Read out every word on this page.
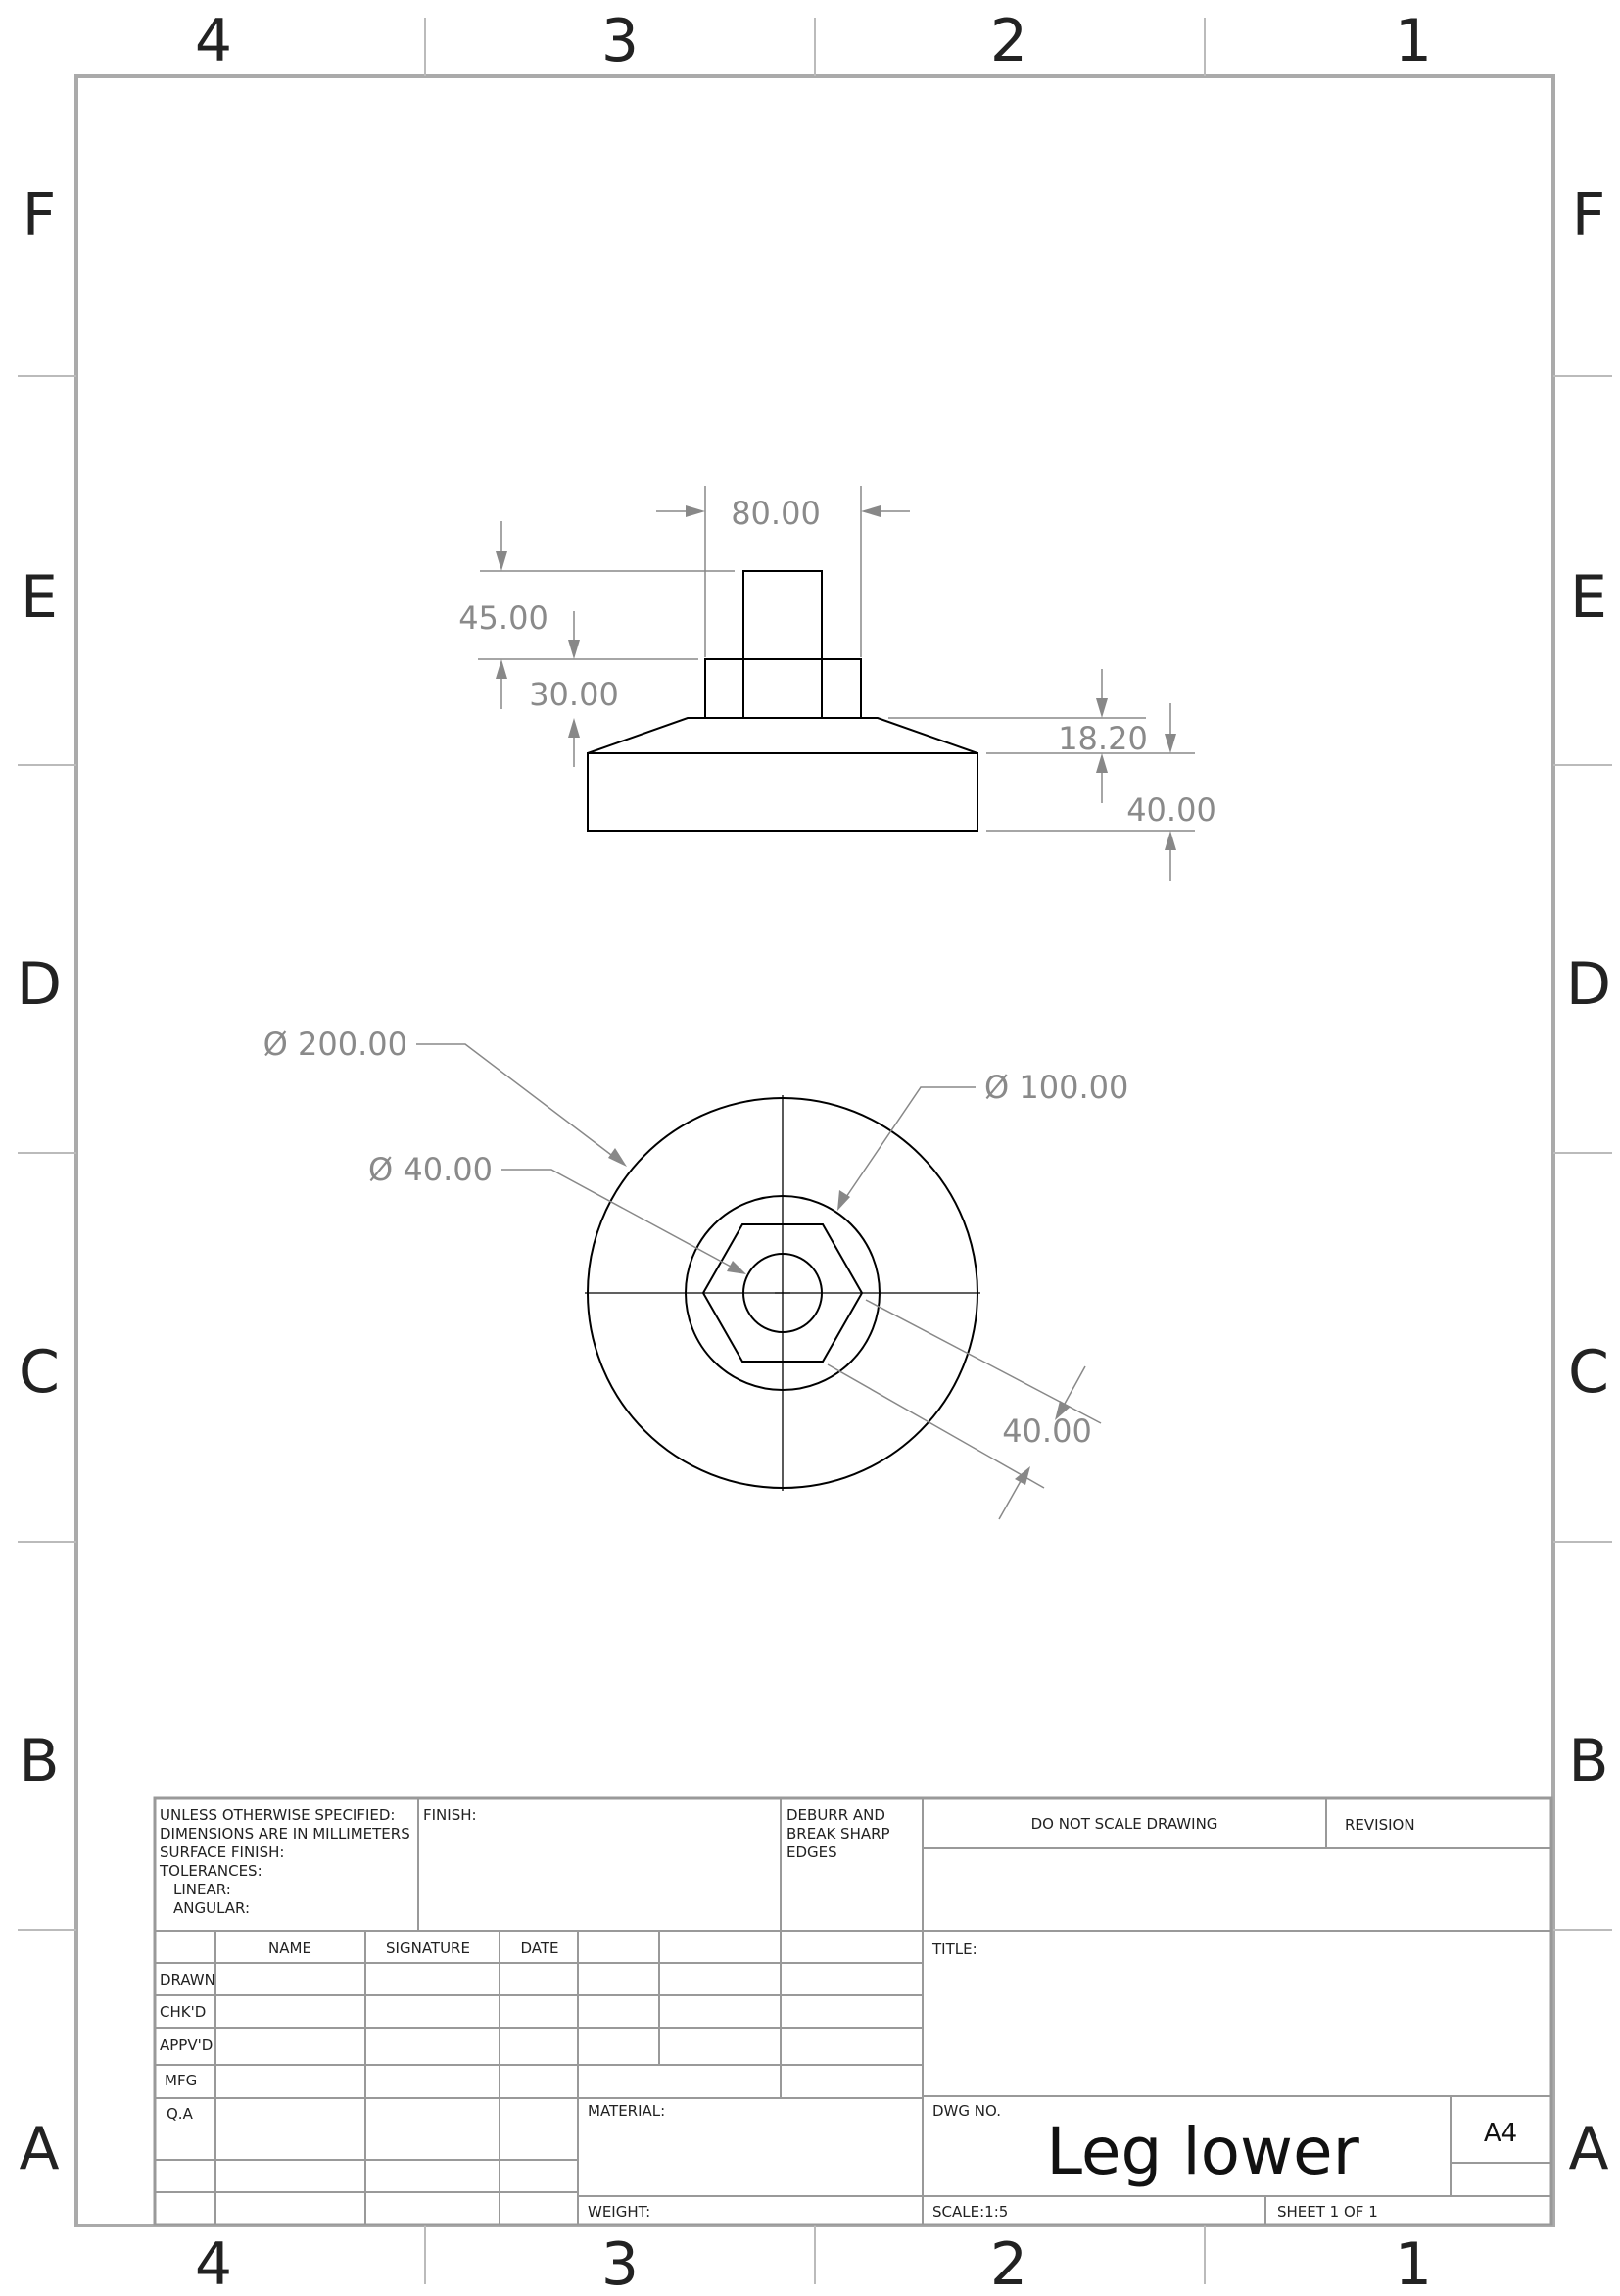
4	3	2	1
4	3	2	1
F
E
D
C
B
A
F
E
D
C
B
A
80.00
45.00
30.00
18.20
40.00
Ø 200.00
Ø 100.00
Ø 40.00
40.00
UNLESS OTHERWISE SPECIFIED:
DIMENSIONS ARE IN MILLIMETERS
SURFACE FINISH:
TOLERANCES:
LINEAR:
ANGULAR:
FINISH:	DEBURR AND
BREAK SHARP
EDGES
DO NOT SCALE DRAWING	REVISION
NAME	SIGNATURE	DATE
DRAWN
CHK'D
APPV'D
MFG
Q.A
TITLE:
MATERIAL:
WEIGHT:
DWG NO.
Leg lower	A4
SCALE:1:5	SHEET 1 OF 1
